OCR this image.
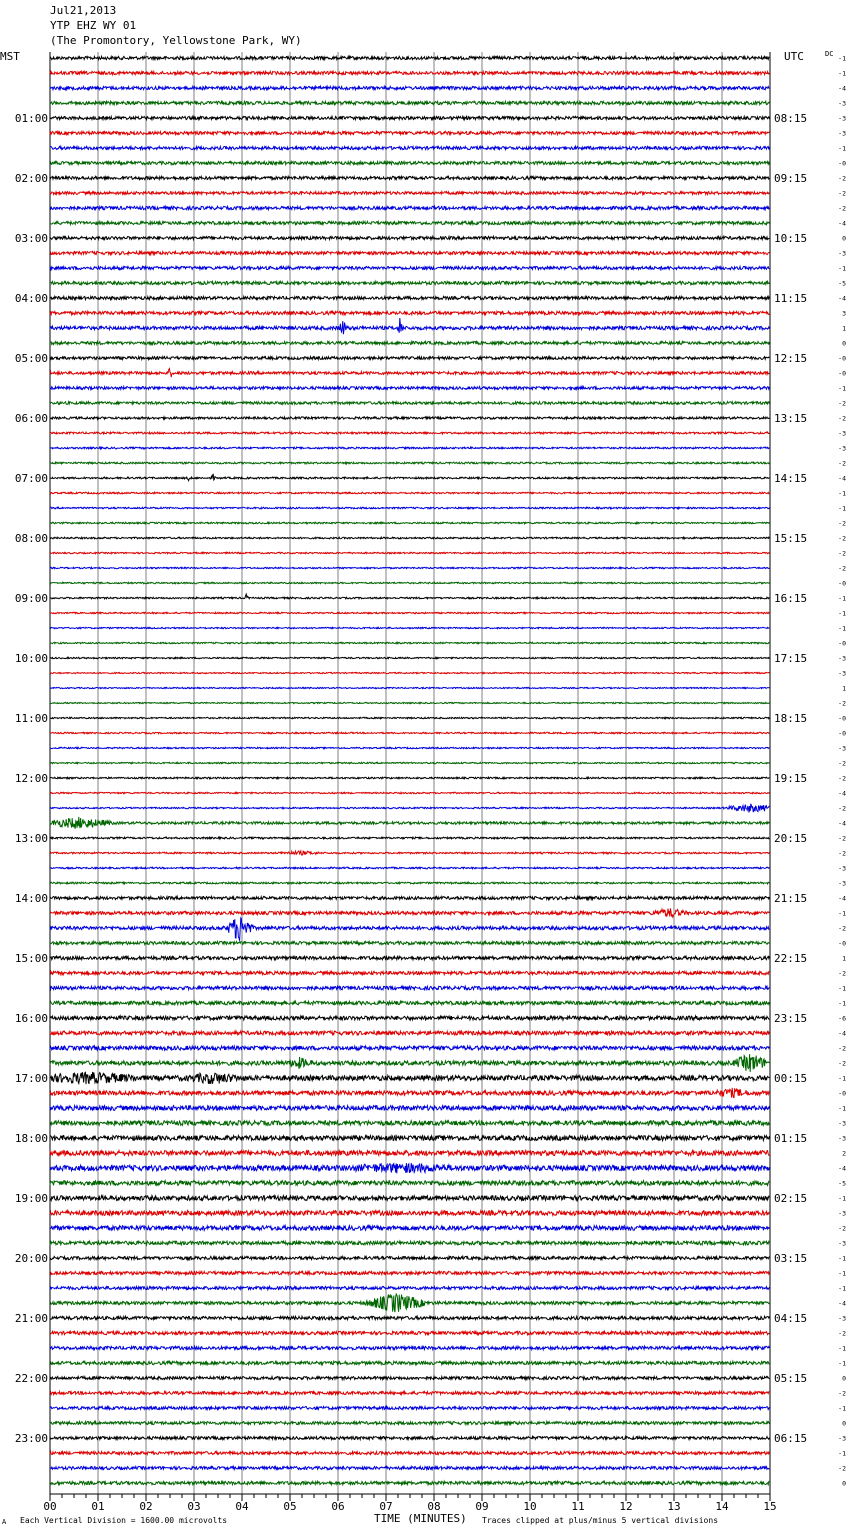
Jul21,2013
YTP EHZ WY 01
(The Promontory, Yellowstone Park, WY)
MST	UTC	-1
-1
-4
-3
-3
-3
-1
-0
-2
-2
-2
-4
0
-3
-1
-5
-4
3
1
0
-0
-0
-1
-2
-2
-3
-3
-2
-4
-1
-1
-2
-2
-2
-2
-0
-1
-1
-1
-0
-3
-3
1
-2
-0
-0
-3
-2
-2
-4
-2
-4
-2
-2
-3
-3
-4
-1
-2
-0
1
-2
-1
-1
-6
-4
-2
-2
-1
-0
-1
-3
-3
2
-4
-5
-1
-3
-2
-3
-1
-1
-1
-4
-3
-2
-1
-1
0
-2
-1
0
-3
-1
-2
0
DC
01:00
02:00
03:00
04:00
05:00
06:00
07:00
08:00
09:00
10:00
11:00
12:00
13:00
14:00
15:00
16:00
17:00
18:00
19:00
20:00
21:00
22:00
23:00
08:15
09:15
10:15
11:15
12:15
13:15
14:15
15:15
16:15
17:15
18:15
19:15
20:15
21:15
22:15
23:15
00:15
01:15
02:15
03:15
04:15
05:15
06:15
00	01	02	03	04	05	06	07	08	09	10	11	12	13	14	15
A Each Vertical Division = 1600.00 microvolts	TIME (MINUTES) Traces clipped at plus/minus 5 vertical divisions
